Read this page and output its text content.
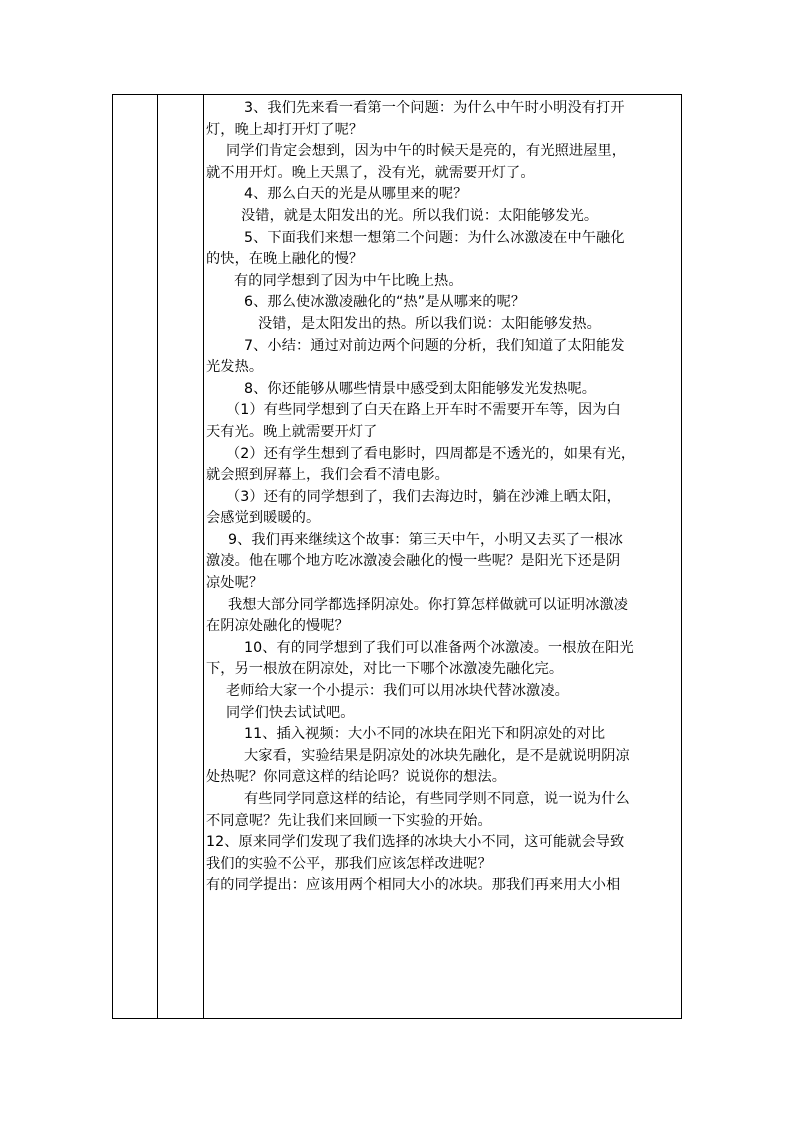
3、我们先来看一看第一个问题：为什么中午时小明没有打开

灯，晚上却打开灯了呢？

同学们肯定会想到，因为中午的时候天是亮的，有光照进屋里，

就不用开灯。晚上天黑了，没有光，就需要开灯了。

4、那么白天的光是从哪里来的呢？

没错，就是太阳发出的光。所以我们说：太阳能够发光。

5、下面我们来想一想第二个问题：为什么冰激凌在中午融化

的快，在晚上融化的慢？

有的同学想到了因为中午比晚上热。

6、那么使冰激凌融化的“热”是从哪来的呢？

没错，是太阳发出的热。所以我们说：太阳能够发热。

7、小结：通过对前边两个问题的分析，我们知道了太阳能发

光发热。

8、你还能够从哪些情景中感受到太阳能够发光发热呢。

（1）有些同学想到了白天在路上开车时不需要开车等，因为白

天有光。晚上就需要开灯了

（2）还有学生想到了看电影时，四周都是不透光的，如果有光，

就会照到屏幕上，我们会看不清电影。

（3）还有的同学想到了，我们去海边时，躺在沙滩上晒太阳，

会感觉到暖暖的。

9、我们再来继续这个故事：第三天中午，小明又去买了一根冰

激凌。他在哪个地方吃冰激凌会融化的慢一些呢？是阳光下还是阴

凉处呢？

我想大部分同学都选择阴凉处。你打算怎样做就可以证明冰激凌

在阴凉处融化的慢呢？

10、有的同学想到了我们可以准备两个冰激凌。一根放在阳光

下，另一根放在阴凉处，对比一下哪个冰激凌先融化完。

老师给大家一个小提示：我们可以用冰块代替冰激凌。

同学们快去试试吧。

11、插入视频：大小不同的冰块在阳光下和阴凉处的对比

大家看，实验结果是阴凉处的冰块先融化，是不是就说明阴凉

处热呢？你同意这样的结论吗？说说你的想法。

有些同学同意这样的结论，有些同学则不同意，说一说为什么

不同意呢？先让我们来回顾一下实验的开始。

12、原来同学们发现了我们选择的冰块大小不同，这可能就会导致

我们的实验不公平，那我们应该怎样改进呢？

有的同学提出：应该用两个相同大小的冰块。那我们再来用大小相
